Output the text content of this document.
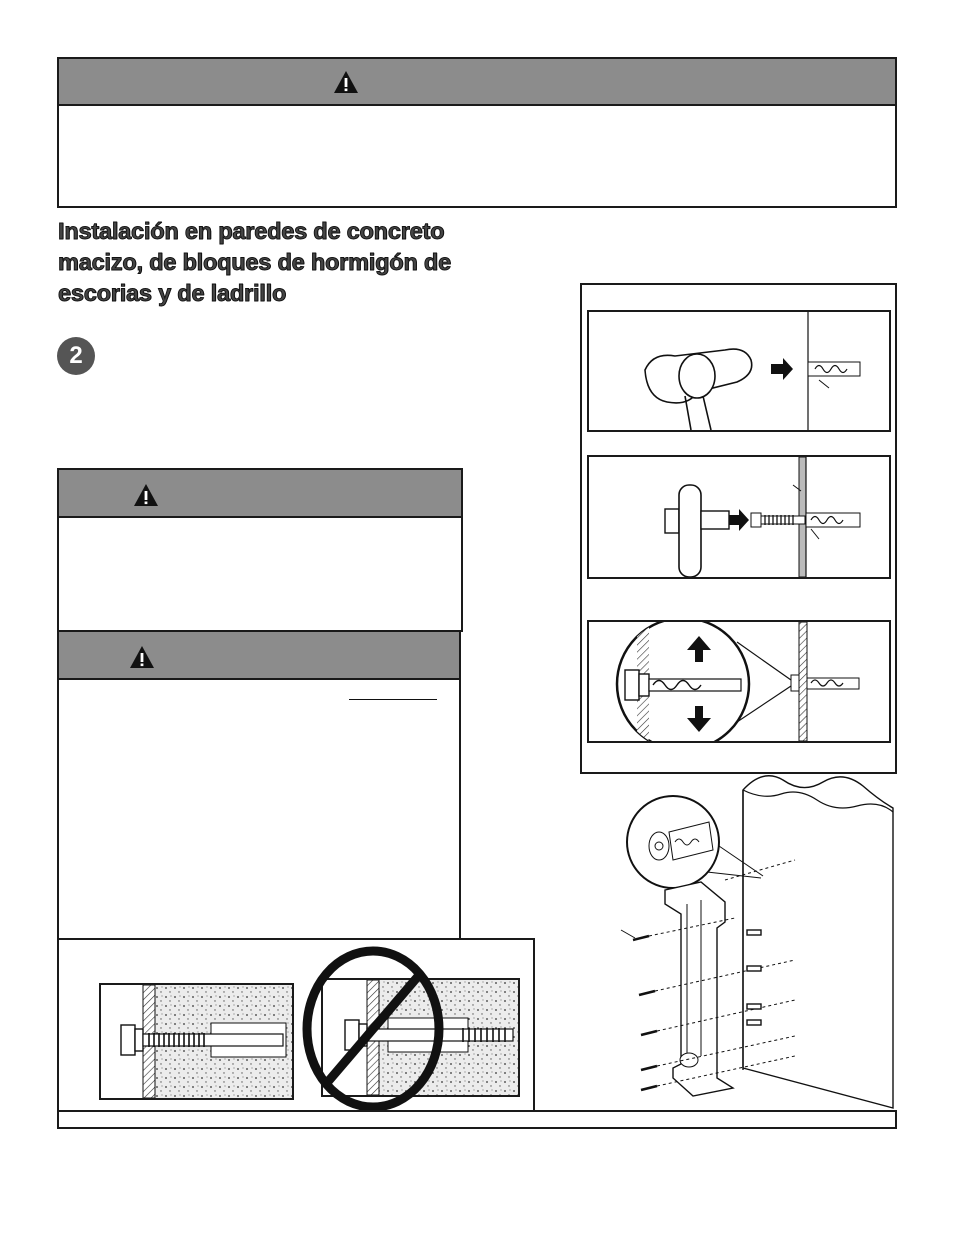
Instalación en paredes de concreto
macizo, de bloques de hormigón de
escorias y de ladrillo
2
